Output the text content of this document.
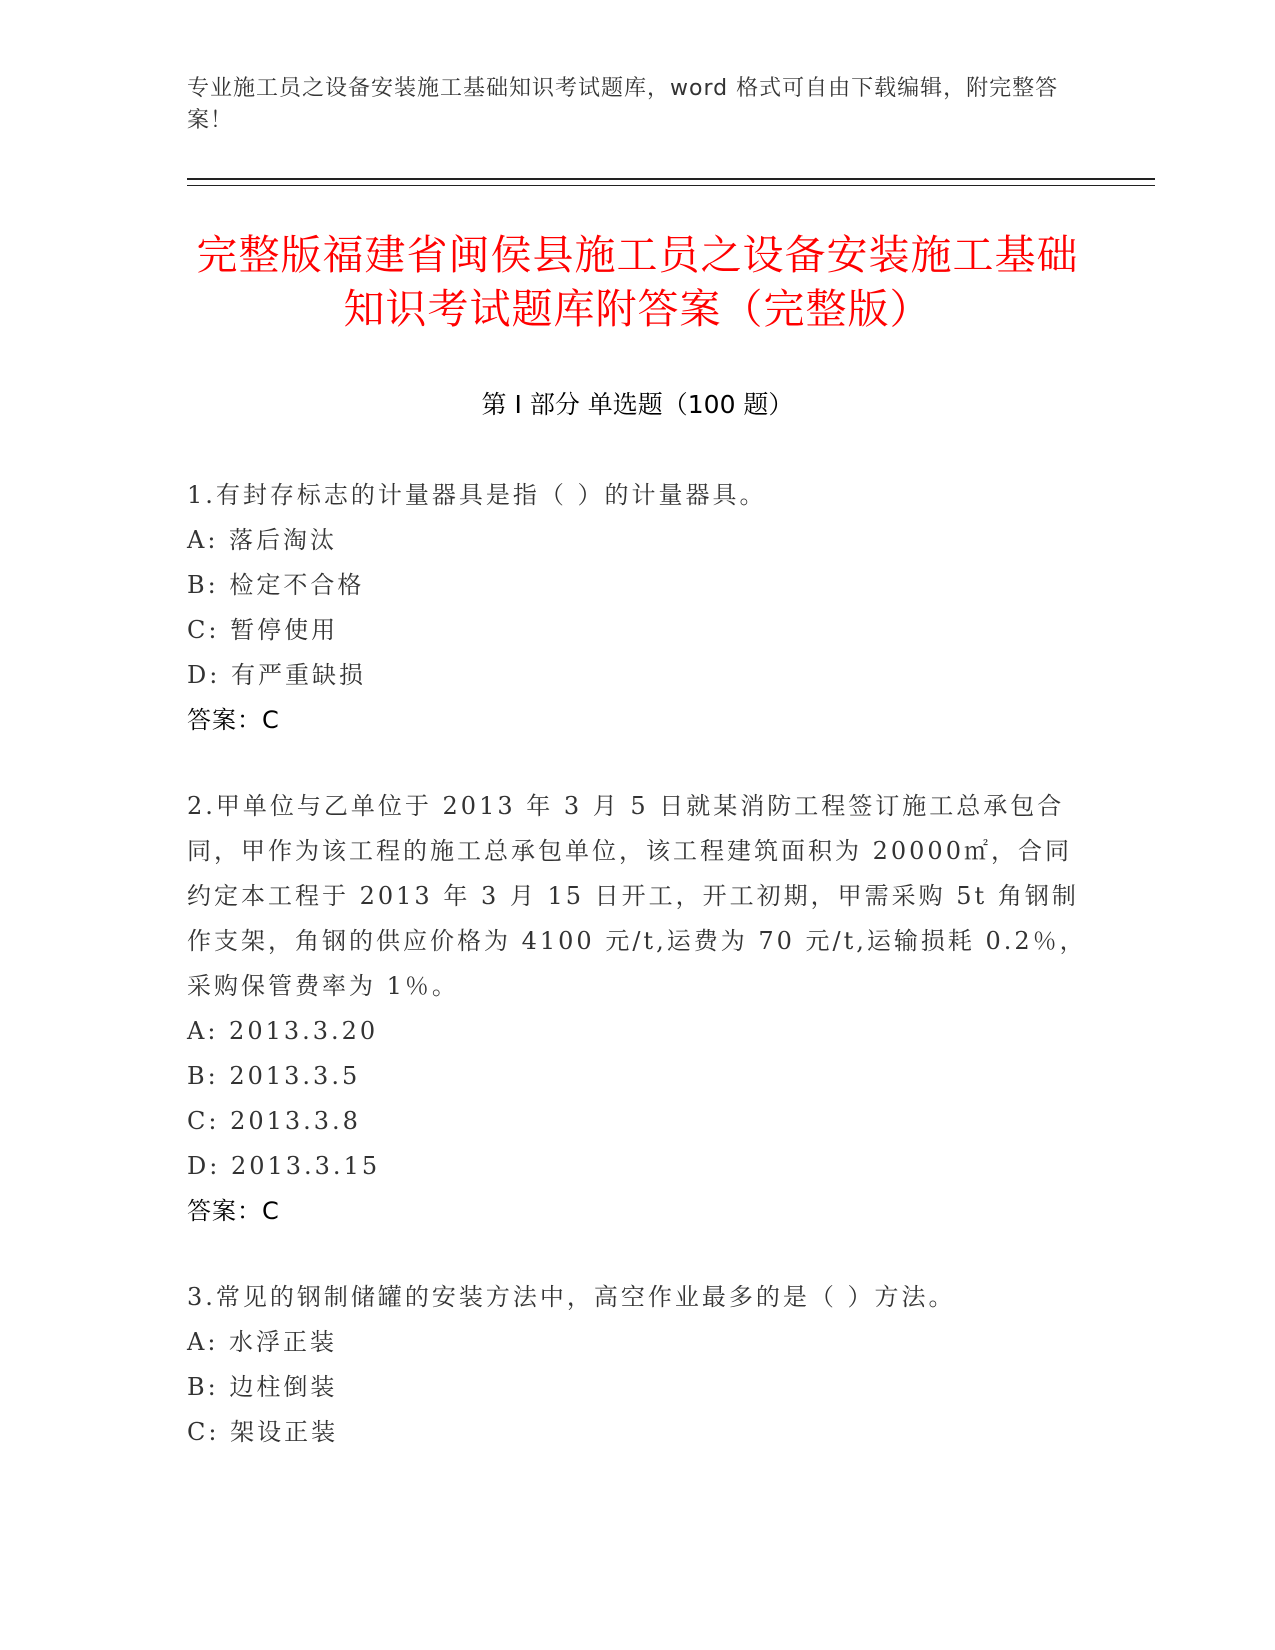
专业施工员之设备安装施工基础知识考试题库，word 格式可自由下载编辑，附完整答案！
完整版福建省闽侯县施工员之设备安装施工基础知识考试题库附答案（完整版）
第 I 部分 单选题（100 题）
1.有封存标志的计量器具是指（ ）的计量器具。
A: 落后淘汰
B: 检定不合格
C: 暂停使用
D: 有严重缺损
答案：C
2.甲单位与乙单位于 2013 年 3 月 5 日就某消防工程签订施工总承包合同，甲作为该工程的施工总承包单位，该工程建筑面积为 20000㎡，合同约定本工程于 2013 年 3 月 15 日开工，开工初期，甲需采购 5t 角钢制作支架，角钢的供应价格为 4100 元/t,运费为 70 元/t,运输损耗 0.2％，采购保管费率为 1％。
A: 2013.3.20
B: 2013.3.5
C: 2013.3.8
D: 2013.3.15
答案：C
3.常见的钢制储罐的安装方法中，高空作业最多的是（ ）方法。
A: 水浮正装
B: 边柱倒装
C: 架设正装
